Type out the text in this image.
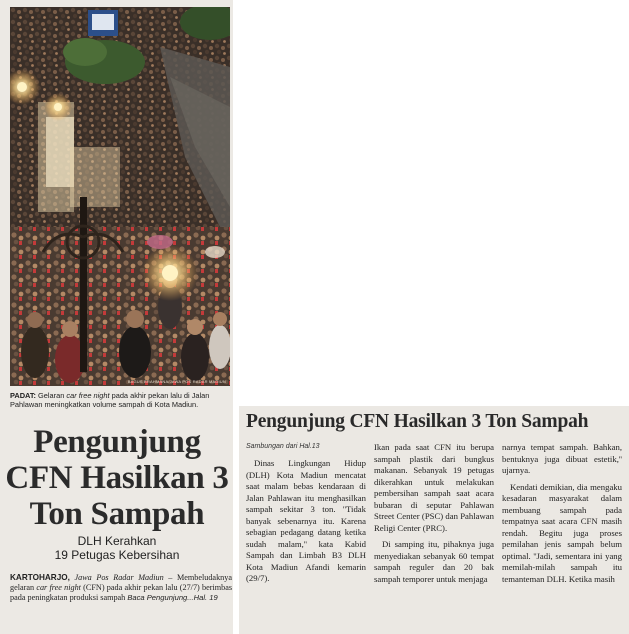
BAGUS BRAHMANA/JAWA POS RADAR MADIUN
PADAT: Gelaran car free night pada akhir pekan lalu di Jalan Pahlawan meningkatkan volume sampah di Kota Madiun.
Pengunjung CFN Hasilkan 3 Ton Sampah
DLH Kerahkan
19 Petugas Kebersihan
KARTOHARJO, Jawa Pos Radar Madiun – Membeludaknya gelaran car free night (CFN) pada akhir pekan lalu (27/7) berimbas pada peningkatan produksi sampah Baca Pengunjung...Hal. 19
Pengunjung CFN Hasilkan 3 Ton Sampah
Sambungan dari Hal.13

Dinas Lingkungan Hidup (DLH) Kota Madiun mencatat saat malam bebas kendaraan di Jalan Pahlawan itu menghasilkan sampah sekitar 3 ton. ''Tidak banyak sebenarnya itu. Karena sebagian pedagang datang ketika sudah malam,'' kata Kabid Sampah dan Limbah B3 DLH Kota Madiun Afandi kemarin (29/7).

Ikan pada saat CFN itu berupa sampah plastik dari bungkus makanan. Sebanyak 19 petugas dikerahkan untuk melakukan pembersihan sampah saat acara bubaran di seputar Pahlawan Street Center (PSC) dan Pahlawan Religi Center (PRC).

Di samping itu, pihaknya juga menyediakan sebanyak 60 tempat sampah reguler dan 20 bak sampah temporer untuk menjaga

narnya tempat sampah. Bahkan, bentuknya juga dibuat estetik,'' ujarnya.

Kendati demikian, dia mengaku kesadaran masyarakat dalam membuang sampah pada tempatnya saat acara CFN masih rendah. Begitu juga proses pemilahan jenis sampah belum optimal. ''Jadi, sementara ini yang memilah-milah sampah itu temanteman DLH. Ketika masih
